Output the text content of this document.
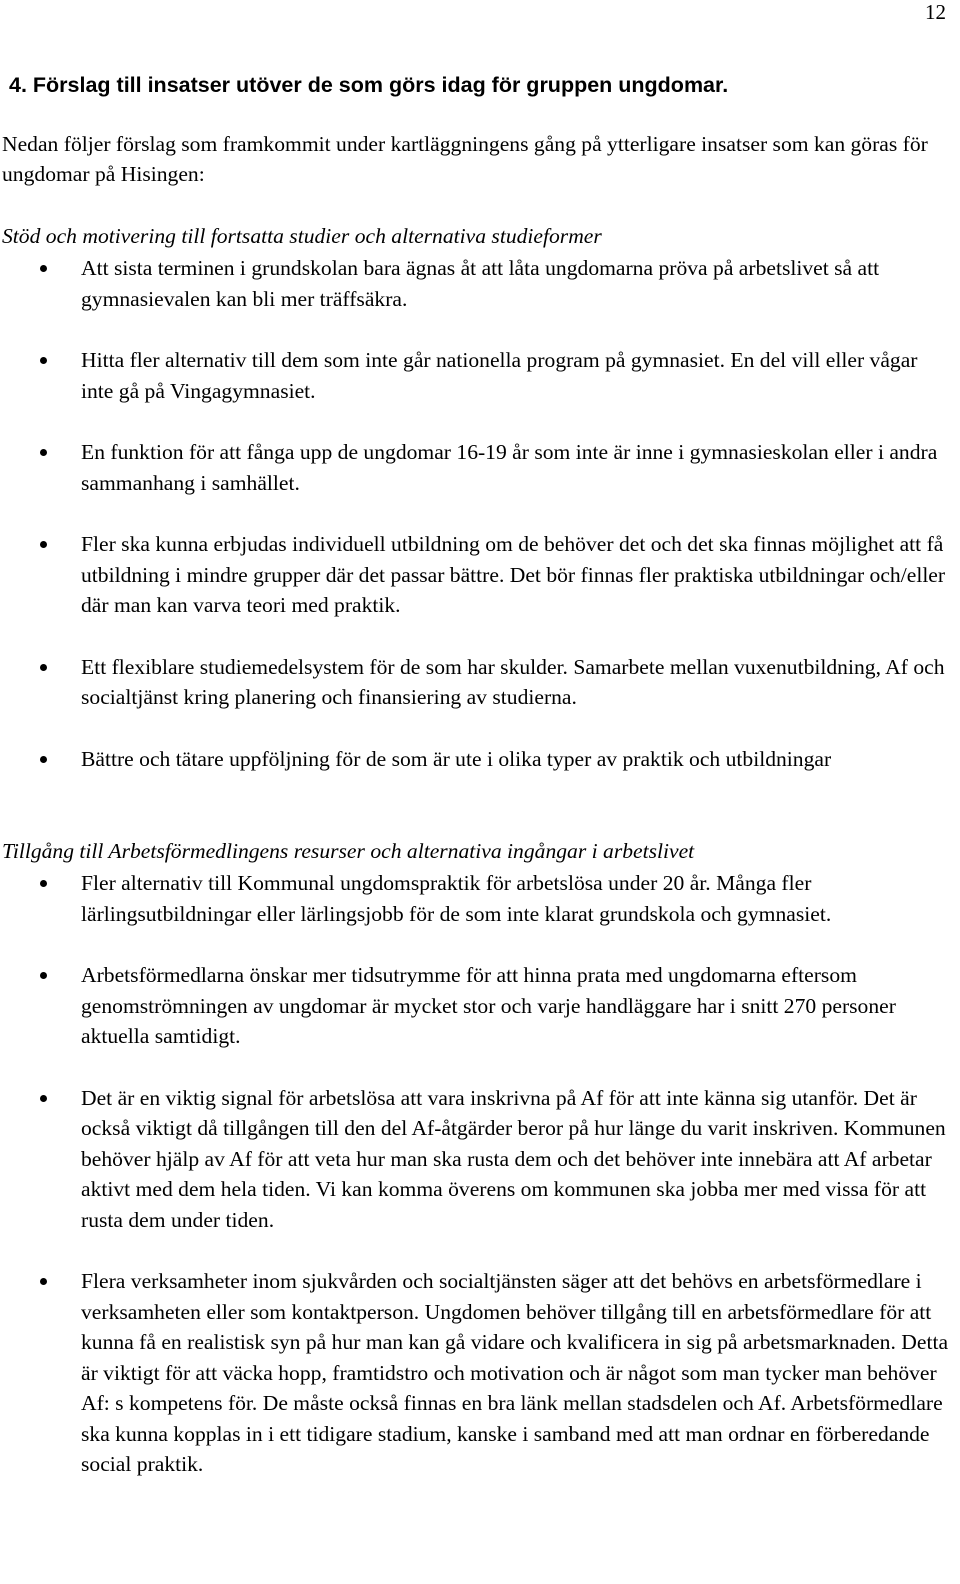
12
4. Förslag till insatser utöver de som görs idag för gruppen ungdomar.
Nedan följer förslag som framkommit under kartläggningens gång på ytterligare insatser som kan göras för ungdomar på Hisingen:
Stöd och motivering till fortsatta studier och alternativa studieformer
Att sista terminen i grundskolan bara ägnas åt att låta ungdomarna pröva på arbetslivet så att gymnasievalen kan bli mer träffsäkra.
Hitta fler alternativ till dem som inte går nationella program på gymnasiet. En del vill eller vågar inte gå på Vingagymnasiet.
En funktion för att fånga upp de ungdomar 16-19 år som inte är inne i gymnasieskolan eller i andra sammanhang i samhället.
Fler ska kunna erbjudas individuell utbildning om de behöver det och det ska finnas möjlighet att få utbildning i mindre grupper där det passar bättre. Det bör finnas fler praktiska utbildningar och/eller där man kan varva teori med praktik.
Ett flexiblare studiemedelsystem för de som har skulder. Samarbete mellan vuxenutbildning, Af och socialtjänst kring planering och finansiering av studierna.
Bättre och tätare uppföljning för de som är ute i olika typer av praktik och utbildningar
Tillgång till Arbetsförmedlingens resurser och alternativa ingångar i arbetslivet
Fler alternativ till Kommunal ungdomspraktik för arbetslösa under 20 år. Många fler lärlingsutbildningar eller lärlingsjobb för de som inte klarat grundskola och gymnasiet.
Arbetsförmedlarna önskar mer tidsutrymme för att hinna prata med ungdomarna eftersom genomströmningen av ungdomar är mycket stor och varje handläggare har i snitt 270 personer aktuella samtidigt.
Det är en viktig signal för arbetslösa att vara inskrivna på Af för att inte känna sig utanför. Det är också viktigt då tillgången till den del Af-åtgärder beror på hur länge du varit inskriven. Kommunen behöver hjälp av Af för att veta hur man ska rusta dem och det behöver inte innebära att Af arbetar aktivt med dem hela tiden. Vi kan komma överens om kommunen ska jobba mer med vissa för att rusta dem under tiden.
Flera verksamheter inom sjukvården och socialtjänsten säger att det behövs en arbetsförmedlare i verksamheten eller som kontaktperson. Ungdomen behöver tillgång till en arbetsförmedlare för att kunna få en realistisk syn på hur man kan gå vidare och kvalificera in sig på arbetsmarknaden. Detta är viktigt för att väcka hopp, framtidstro och motivation och är något som man tycker man behöver Af: s kompetens för. De måste också finnas en bra länk mellan stadsdelen och Af. Arbetsförmedlare ska kunna kopplas in i ett tidigare stadium, kanske i samband med att man ordnar en förberedande social praktik.
